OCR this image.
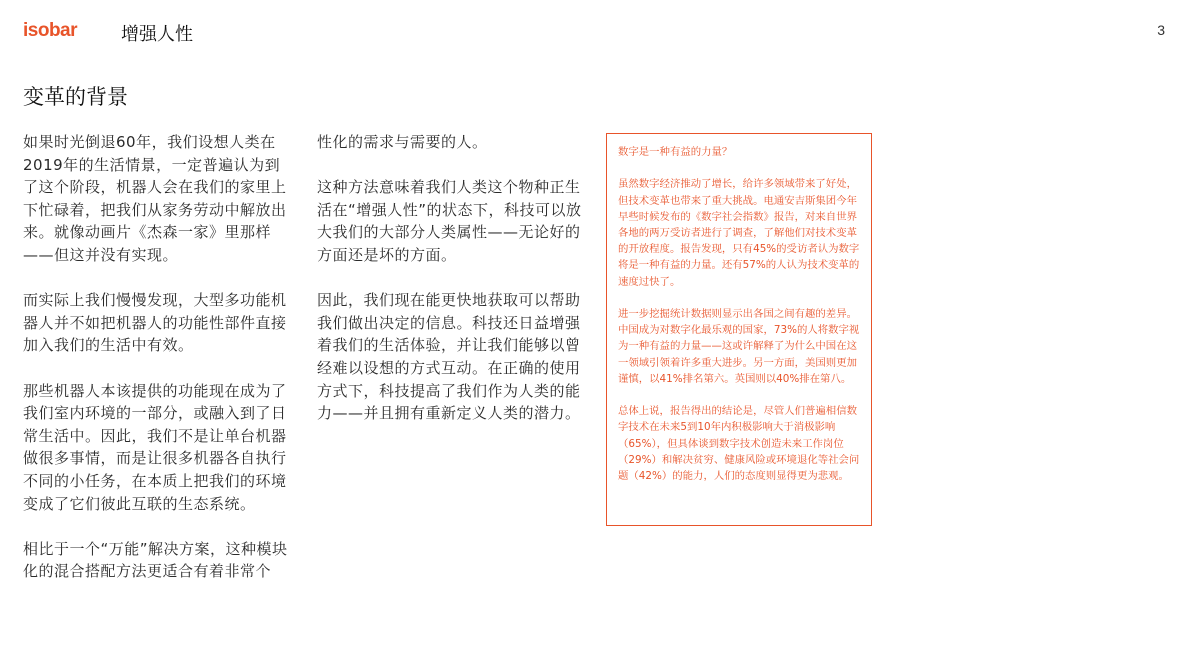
isobar 增强人性	3
变革的背景

如果时光倒退60年，我们设想人类在2019年的生活情景，一定普遍认为到了这个阶段，机器人会在我们的家里上下忙碌着，把我们从家务劳动中解放出来。就像动画片《杰森一家》里那样——但这并没有实现。

而实际上我们慢慢发现，大型多功能机器人并不如把机器人的功能性部件直接加入我们的生活中有效。

那些机器人本该提供的功能现在成为了我们室内环境的一部分，或融入到了日常生活中。因此，我们不是让单台机器做很多事情，而是让很多机器各自执行不同的小任务，在本质上把我们的环境变成了它们彼此互联的生态系统。

相比于一个“万能”解决方案，这种模块化的混合搭配方法更适合有着非常个

性化的需求与需要的人。

这种方法意味着我们人类这个物种正生活在“增强人性”的状态下，科技可以放大我们的大部分人类属性——无论好的方面还是坏的方面。

因此，我们现在能更快地获取可以帮助我们做出决定的信息。科技还日益增强着我们的生活体验，并让我们能够以曾经难以设想的方式互动。在正确的使用方式下，科技提高了我们作为人类的能力——并且拥有重新定义人类的潜力。

数字是一种有益的力量？

虽然数字经济推动了增长，给许多领域带来了好处，但技术变革也带来了重大挑战。电通安吉斯集团今年早些时候发布的《数字社会指数》报告，对来自世界各地的两万受访者进行了调查，了解他们对技术变革的开放程度。报告发现，只有45%的受访者认为数字将是一种有益的力量。还有57%的人认为技术变革的速度过快了。

进一步挖掘统计数据则显示出各国之间有趣的差异。中国成为对数字化最乐观的国家，73%的人将数字视为一种有益的力量——这或许解释了为什么中国在这一领域引领着许多重大进步。另一方面，美国则更加谨慎，以41%排名第六。英国则以40%排在第八。

总体上说，报告得出的结论是，尽管人们普遍相信数字技术在未来5到10年内积极影响大于消极影响（65%），但具体谈到数字技术创造未来工作岗位（29%）和解决贫穷、健康风险或环境退化等社会问题（42%）的能力，人们的态度则显得更为悲观。
